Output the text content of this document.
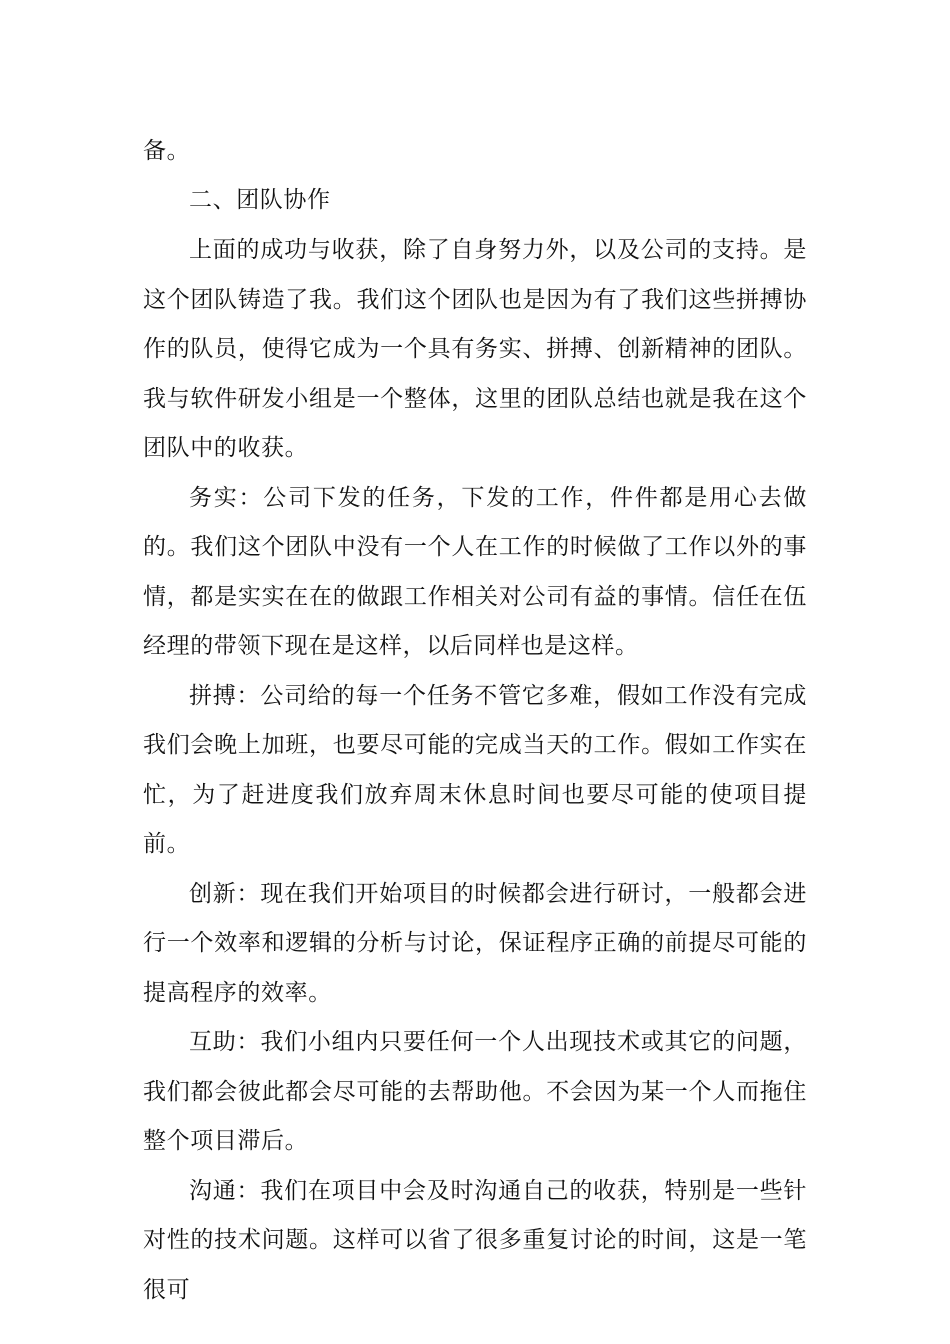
备。

二、团队协作

上面的成功与收获，除了自身努力外，以及公司的支持。是这个团队铸造了我。我们这个团队也是因为有了我们这些拼搏协作的队员，使得它成为一个具有务实、拼搏、创新精神的团队。我与软件研发小组是一个整体，这里的团队总结也就是我在这个团队中的收获。

务实：公司下发的任务，下发的工作，件件都是用心去做的。我们这个团队中没有一个人在工作的时候做了工作以外的事情，都是实实在在的做跟工作相关对公司有益的事情。信任在伍经理的带领下现在是这样，以后同样也是这样。

拼搏：公司给的每一个任务不管它多难，假如工作没有完成我们会晚上加班，也要尽可能的完成当天的工作。假如工作实在忙，为了赶进度我们放弃周末休息时间也要尽可能的使项目提前。

创新：现在我们开始项目的时候都会进行研讨，一般都会进行一个效率和逻辑的分析与讨论，保证程序正确的前提尽可能的提高程序的效率。

互助：我们小组内只要任何一个人出现技术或其它的问题，我们都会彼此都会尽可能的去帮助他。不会因为某一个人而拖住整个项目滞后。

沟通：我们在项目中会及时沟通自己的收获，特别是一些针对性的技术问题。这样可以省了很多重复讨论的时间，这是一笔很可
